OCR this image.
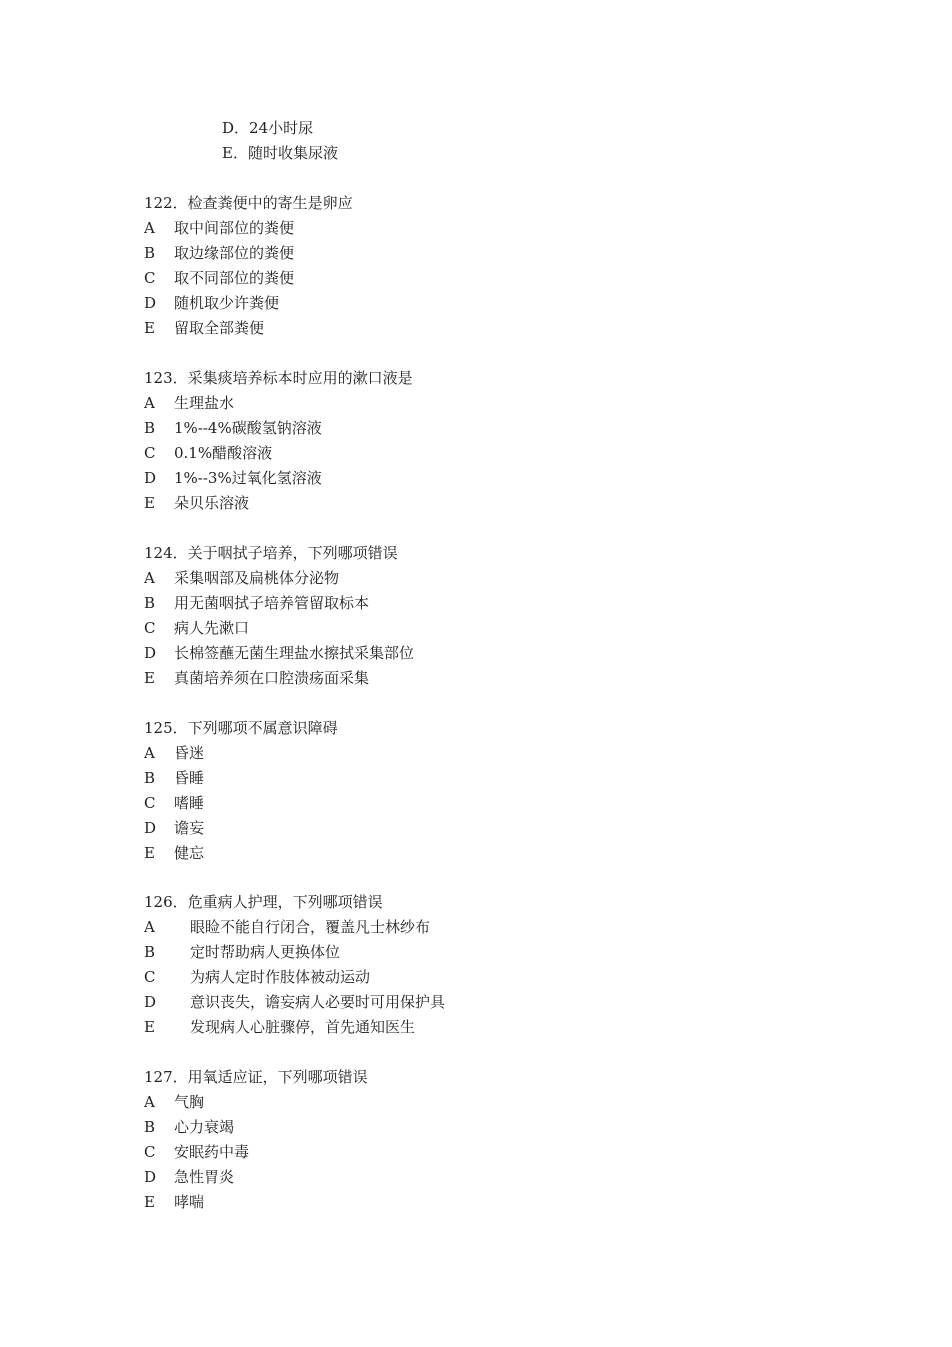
D．24小时尿
E．随时收集尿液
122．检查粪便中的寄生是卵应
A 取中间部位的粪便
B 取边缘部位的粪便
C 取不同部位的粪便
D 随机取少许粪便
E 留取全部粪便
123．采集痰培养标本时应用的漱口液是
A 生理盐水
B 1%--4%碳酸氢钠溶液
C 0.1%醋酸溶液
D 1%--3%过氧化氢溶液
E 朵贝乐溶液
124．关于咽拭子培养，下列哪项错误
A 采集咽部及扁桃体分泌物
B 用无菌咽拭子培养管留取标本
C 病人先漱口
D 长棉签蘸无菌生理盐水擦拭采集部位
E 真菌培养须在口腔溃疡面采集
125．下列哪项不属意识障碍
A 昏迷
B 昏睡
C 嗜睡
D 谵妄
E 健忘
126．危重病人护理，下列哪项错误
A 眼睑不能自行闭合，覆盖凡士林纱布
B 定时帮助病人更换体位
C 为病人定时作肢体被动运动
D 意识丧失，谵妄病人必要时可用保护具
E 发现病人心脏骤停，首先通知医生
127．用氧适应证，下列哪项错误
A 气胸
B 心力衰竭
C 安眠药中毒
D 急性胃炎
E 哮喘
